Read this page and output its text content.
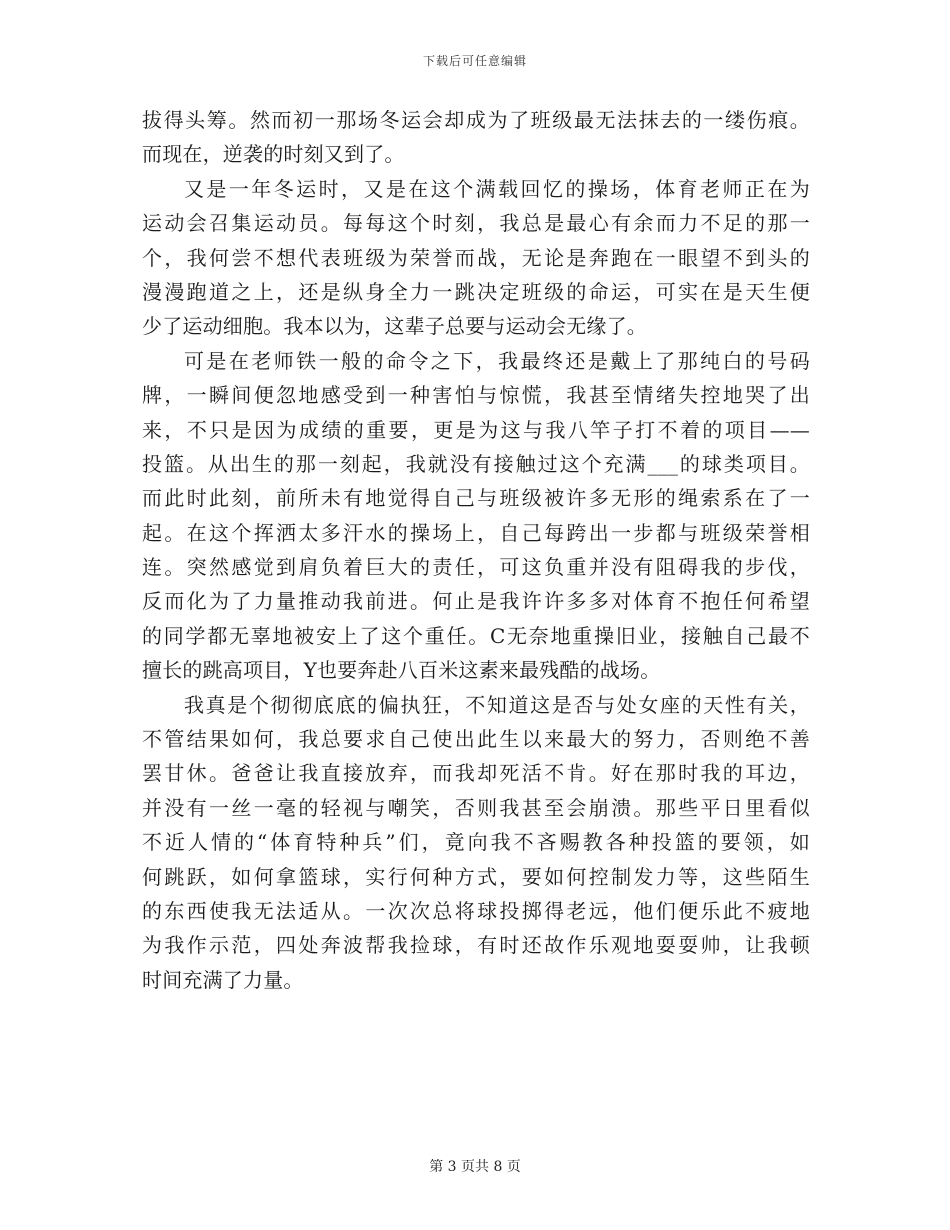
下载后可任意编辑
拔得头筹。然而初一那场冬运会却成为了班级最无法抹去的一缕伤痕。
而现在，逆袭的时刻又到了。
又是一年冬运时，又是在这个满载回忆的操场，体育老师正在为
运动会召集运动员。每每这个时刻，我总是最心有余而力不足的那一
个，我何尝不想代表班级为荣誉而战，无论是奔跑在一眼望不到头的
漫漫跑道之上，还是纵身全力一跳决定班级的命运，可实在是天生便
少了运动细胞。我本以为，这辈子总要与运动会无缘了。
可是在老师铁一般的命令之下，我最终还是戴上了那纯白的号码
牌，一瞬间便忽地感受到一种害怕与惊慌，我甚至情绪失控地哭了出
来，不只是因为成绩的重要，更是为这与我八竿子打不着的项目——
投篮。从出生的那一刻起，我就没有接触过这个充满___的球类项目。
而此时此刻，前所未有地觉得自己与班级被许多无形的绳索系在了一
起。在这个挥洒太多汗水的操场上，自己每跨出一步都与班级荣誉相
连。突然感觉到肩负着巨大的责任，可这负重并没有阻碍我的步伐，
反而化为了力量推动我前进。何止是我许许多多对体育不抱任何希望
的同学都无辜地被安上了这个重任。C无奈地重操旧业，接触自己最不
擅长的跳高项目，Y也要奔赴八百米这素来最残酷的战场。
我真是个彻彻底底的偏执狂，不知道这是否与处女座的天性有关，
不管结果如何，我总要求自己使出此生以来最大的努力，否则绝不善
罢甘休。爸爸让我直接放弃，而我却死活不肯。好在那时我的耳边，
并没有一丝一毫的轻视与嘲笑，否则我甚至会崩溃。那些平日里看似
不近人情的“体育特种兵”们，竟向我不吝赐教各种投篮的要领，如
何跳跃，如何拿篮球，实行何种方式，要如何控制发力等，这些陌生
的东西使我无法适从。一次次总将球投掷得老远，他们便乐此不疲地
为我作示范，四处奔波帮我捡球，有时还故作乐观地耍耍帅，让我顿
时间充满了力量。
第 3 页共 8 页
